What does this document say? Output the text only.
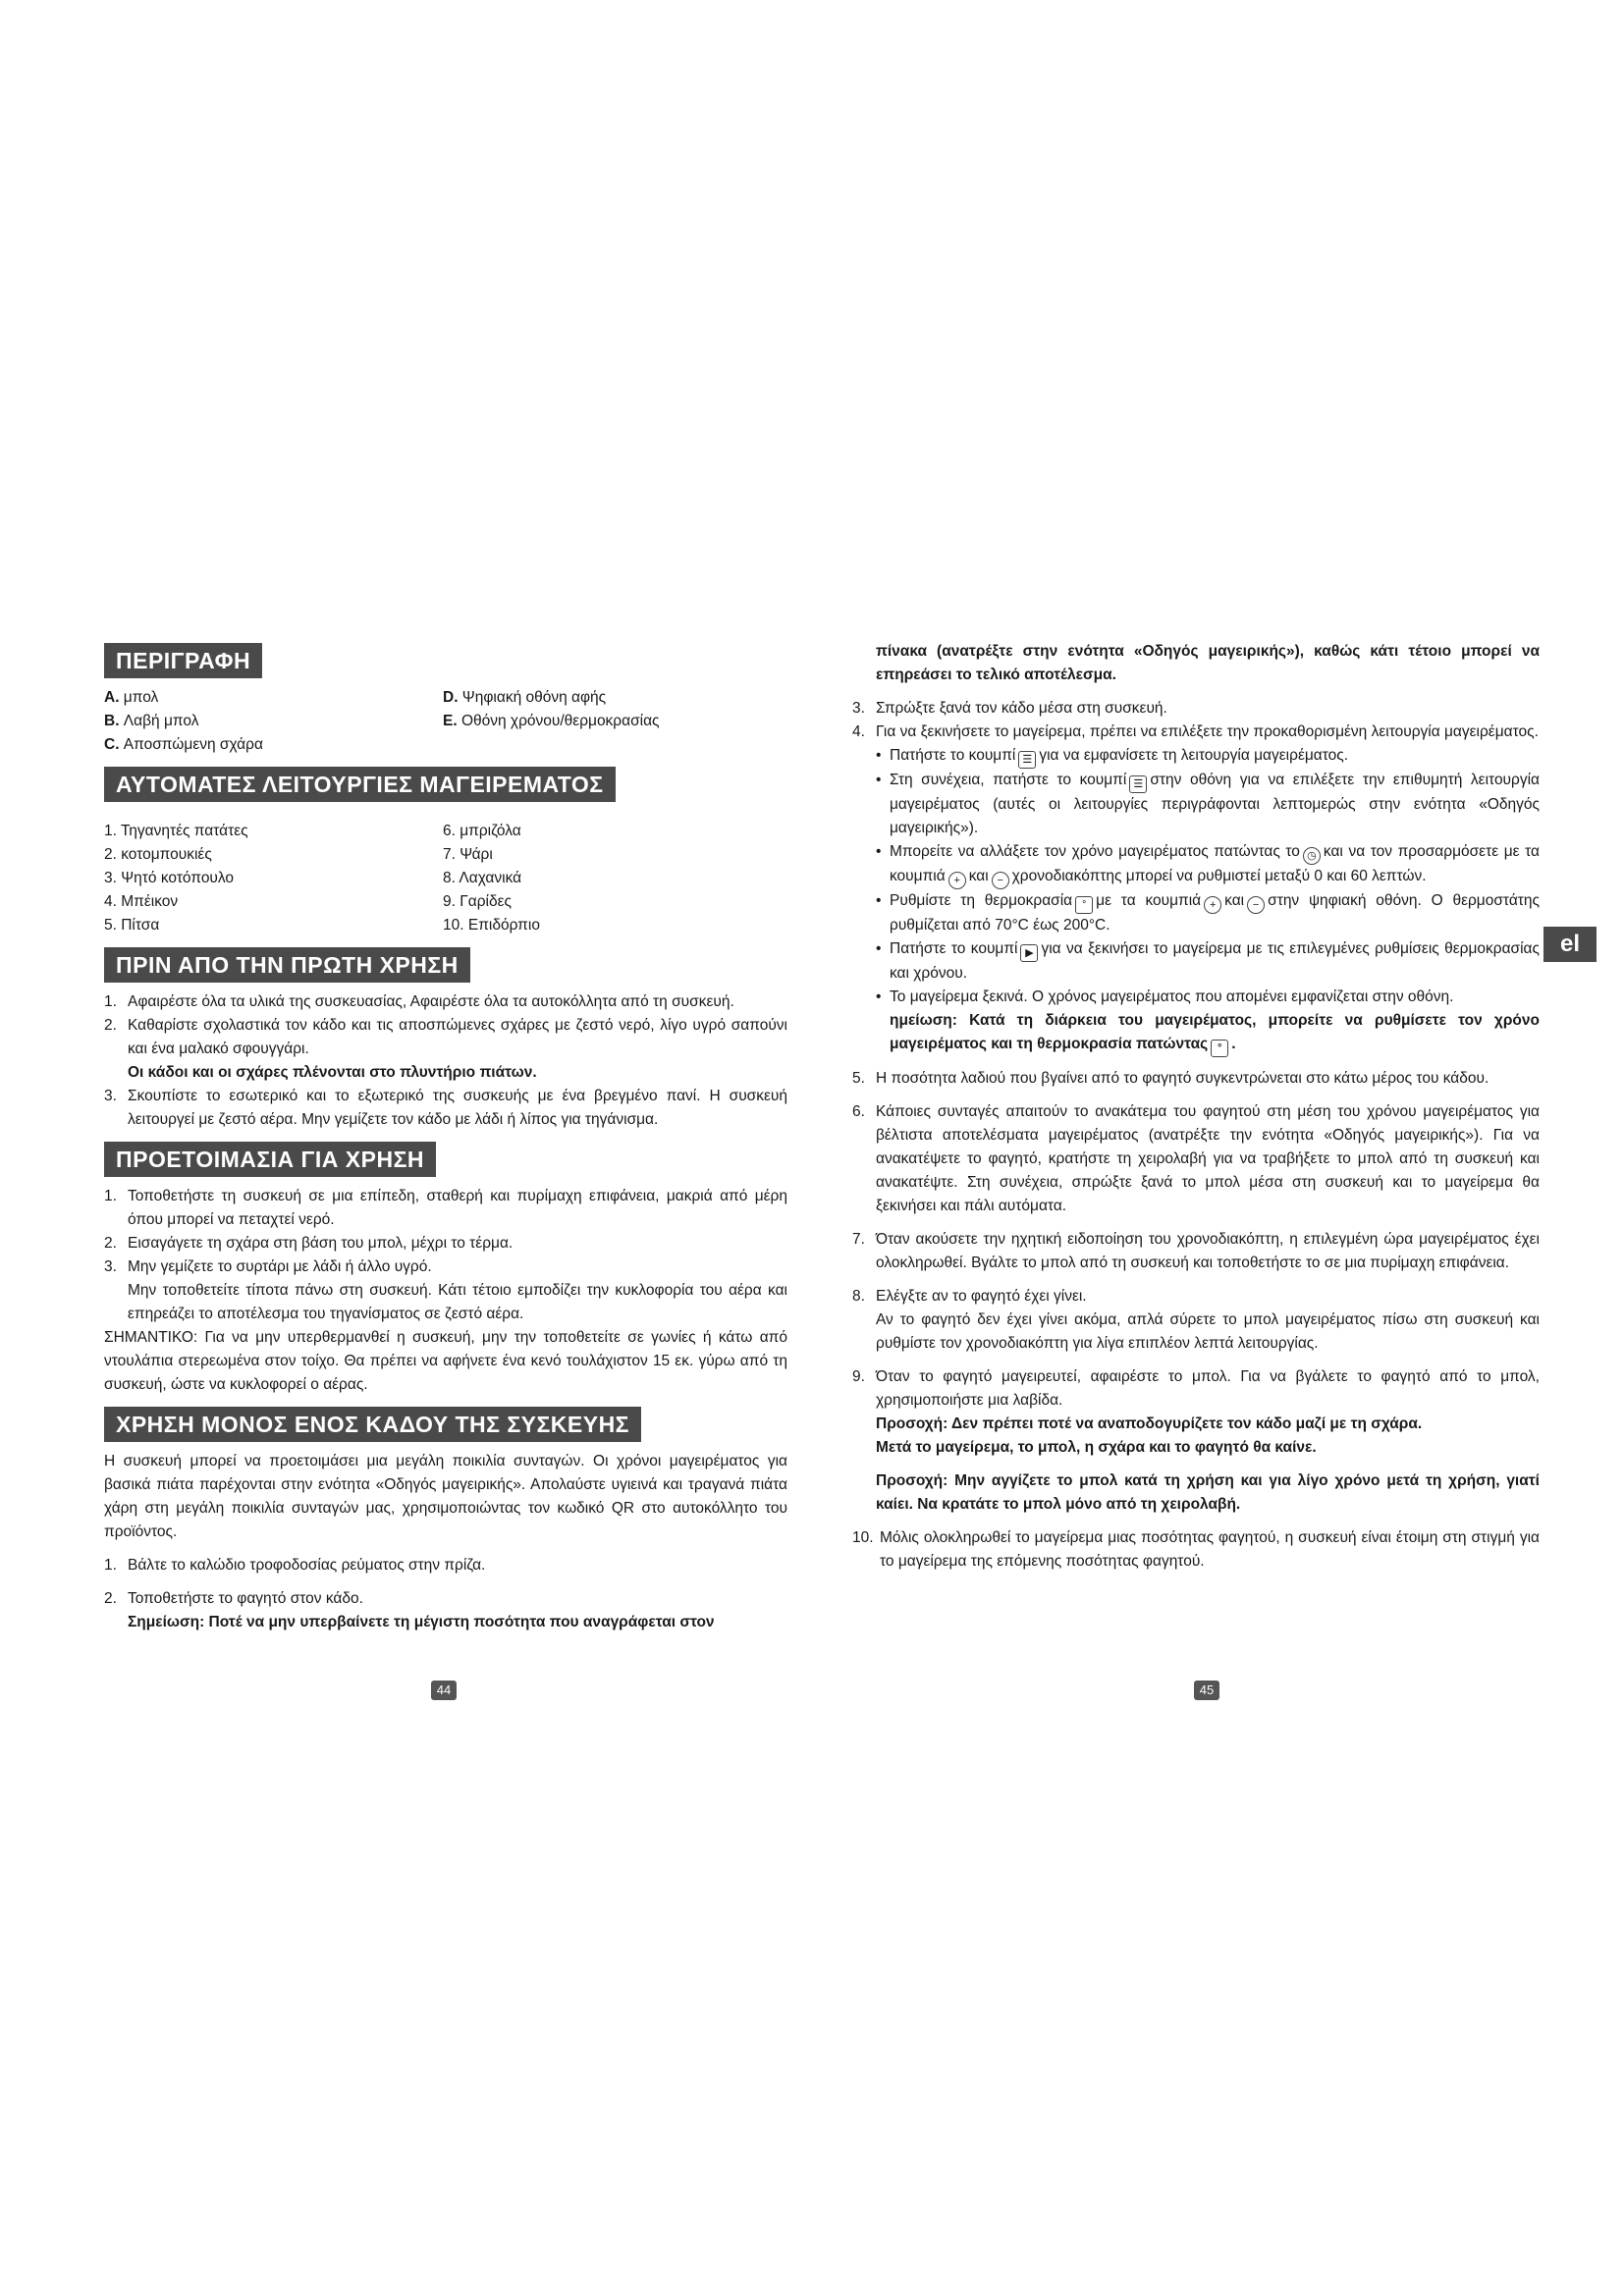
ΠΕΡΙΓΡΑΦΗ
A. μπολ
B. Λαβή μπολ
C. Αποσπώμενη σχάρα
D. Ψηφιακή οθόνη αφής
E. Οθόνη χρόνου/θερμοκρασίας
ΑΥΤΟΜΑΤΕΣ ΛΕΙΤΟΥΡΓΙΕΣ ΜΑΓΕΙΡΕΜΑΤΟΣ
1. Τηγανητές πατάτες
2. κοτομπουκιές
3. Ψητό κοτόπουλο
4. Μπέικον
5. Πίτσα
6. μπριζόλα
7. Ψάρι
8. Λαχανικά
9. Γαρίδες
10. Επιδόρπιο
ΠΡΙΝ ΑΠΟ ΤΗΝ ΠΡΩΤΗ ΧΡΗΣΗ
1. Αφαιρέστε όλα τα υλικά της συσκευασίας, Αφαιρέστε όλα τα αυτοκόλλητα από τη συσκευή.
2. Καθαρίστε σχολαστικά τον κάδο και τις αποσπώμενες σχάρες με ζεστό νερό, λίγο υγρό σαπούνι και ένα μαλακό σφουγγάρι.
Οι κάδοι και οι σχάρες πλένονται στο πλυντήριο πιάτων.
3. Σκουπίστε το εσωτερικό και το εξωτερικό της συσκευής με ένα βρεγμένο πανί. Η συσκευή λειτουργεί με ζεστό αέρα. Μην γεμίζετε τον κάδο με λάδι ή λίπος για τηγάνισμα.
ΠΡΟΕΤΟΙΜΑΣΙΑ ΓΙΑ ΧΡΗΣΗ
1. Τοποθετήστε τη συσκευή σε μια επίπεδη, σταθερή και πυρίμαχη επιφάνεια, μακριά από μέρη όπου μπορεί να πεταχτεί νερό.
2. Εισαγάγετε τη σχάρα στη βάση του μπολ, μέχρι το τέρμα.
3. Μην γεμίζετε το συρτάρι με λάδι ή άλλο υγρό.

Μην τοποθετείτε τίποτα πάνω στη συσκευή. Κάτι τέτοιο εμποδίζει την κυκλοφορία του αέρα και επηρεάζει το αποτέλεσμα του τηγανίσματος σε ζεστό αέρα.

ΣΗΜΑΝΤΙΚΟ: Για να μην υπερθερμανθεί η συσκευή, μην την τοποθετείτε σε γωνίες ή κάτω από ντουλάπια στερεωμένα στον τοίχο. Θα πρέπει να αφήνετε ένα κενό τουλάχιστον 15 εκ. γύρω από τη συσκευή, ώστε να κυκλοφορεί ο αέρας.

ΧΡΗΣΗ ΜΟΝΟΣ ΕΝΟΣ ΚΑΔΟΥ ΤΗΣ ΣΥΣΚΕΥΗΣ

Η συσκευή μπορεί να προετοιμάσει μια μεγάλη ποικιλία συνταγών. Οι χρόνοι μαγειρέματος για βασικά πιάτα παρέχονται στην ενότητα «Οδηγός μαγειρικής». Απολαύστε υγιεινά και τραγανά πιάτα χάρη στη μεγάλη ποικιλία συνταγών μας, χρησιμοποιώντας τον κωδικό QR στο αυτοκόλλητο του προϊόντος.

1. Βάλτε το καλώδιο τροφοδοσίας ρεύματος στην πρίζα.
2. Τοποθετήστε το φαγητό στον κάδο.

Σημείωση: Ποτέ να μην υπερβαίνετε τη μέγιστη ποσότητα που αναγράφεται στον

44

πίνακα (ανατρέξτε στην ενότητα «Οδηγός μαγειρικής»), καθώς κάτι τέτοιο μπορεί να επηρεάσει το τελικό αποτέλεσμα.

3. Σπρώξτε ξανά τον κάδο μέσα στη συσκευή.
4. Για να ξεκινήσετε το μαγείρεμα, πρέπει να επιλέξετε την προκαθορισμένη λειτουργία μαγειρέματος.
• Πατήστε το κουμπί ☰ για να εμφανίσετε τη λειτουργία μαγειρέματος.
• Στη συνέχεια, πατήστε το κουμπί ☰ στην οθόνη για να επιλέξετε την επιθυμητή λειτουργία μαγειρέματος (αυτές οι λειτουργίες περιγράφονται λεπτομερώς στην ενότητα «Οδηγός μαγειρικής»).
• Μπορείτε να αλλάξετε τον χρόνο μαγειρέματος πατώντας το ◷ και να τον προσαρμόσετε με τα κουμπιά + και − χρονοδιακόπτης μπορεί να ρυθμιστεί μεταξύ 0 και 60 λεπτών.
• Ρυθμίστε τη θερμοκρασία ° με τα κουμπιά + και − στην ψηφιακή οθόνη. Ο θερμοστάτης ρυθμίζεται από 70°C έως 200°C.
• Πατήστε το κουμπί ▶ για να ξεκινήσει το μαγείρεμα με τις επιλεγμένες ρυθμίσεις θερμοκρασίας και χρόνου.
• Το μαγείρεμα ξεκινά. Ο χρόνος μαγειρέματος που απομένει εμφανίζεται στην οθόνη.

ημείωση: Κατά τη διάρκεια του μαγειρέματος, μπορείτε να ρυθμίσετε τον χρόνο μαγειρέματος και τη θερμοκρασία πατώντας ° .

5. Η ποσότητα λαδιού που βγαίνει από το φαγητό συγκεντρώνεται στο κάτω μέρος του κάδου.
6. Κάποιες συνταγές απαιτούν το ανακάτεμα του φαγητού στη μέση του χρόνου μαγειρέματος για βέλτιστα αποτελέσματα μαγειρέματος (ανατρέξτε την ενότητα «Οδηγός μαγειρικής»). Για να ανακατέψετε το φαγητό, κρατήστε τη χειρολαβή για να τραβήξετε το μπολ από τη συσκευή και ανακατέψτε. Στη συνέχεια, σπρώξτε ξανά το μπολ μέσα στη συσκευή και το μαγείρεμα θα ξεκινήσει και πάλι αυτόματα.
7. Όταν ακούσετε την ηχητική ειδοποίηση του χρονοδιακόπτη, η επιλεγμένη ώρα μαγειρέματος έχει ολοκληρωθεί. Βγάλτε το μπολ από τη συσκευή και τοποθετήστε το σε μια πυρίμαχη επιφάνεια.
8. Ελέγξτε αν το φαγητό έχει γίνει.

Αν το φαγητό δεν έχει γίνει ακόμα, απλά σύρετε το μπολ μαγειρέματος πίσω στη συσκευή και ρυθμίστε τον χρονοδιακόπτη για λίγα επιπλέον λεπτά λειτουργίας.

9. Όταν το φαγητό μαγειρευτεί, αφαιρέστε το μπολ. Για να βγάλετε το φαγητό από το μπολ, χρησιμοποιήστε μια λαβίδα.

Προσοχή: Δεν πρέπει ποτέ να αναποδογυρίζετε τον κάδο μαζί με τη σχάρα.

Μετά το μαγείρεμα, το μπολ, η σχάρα και το φαγητό θα καίνε.

Προσοχή: Μην αγγίζετε το μπολ κατά τη χρήση και για λίγο χρόνο μετά τη χρήση, γιατί καίει. Να κρατάτε το μπολ μόνο από τη χειρολαβή.

10. Μόλις ολοκληρωθεί το μαγείρεμα μιας ποσότητας φαγητού, η συσκευή είναι έτοιμη στη στιγμή για το μαγείρεμα της επόμενης ποσότητας φαγητού.
45
el
